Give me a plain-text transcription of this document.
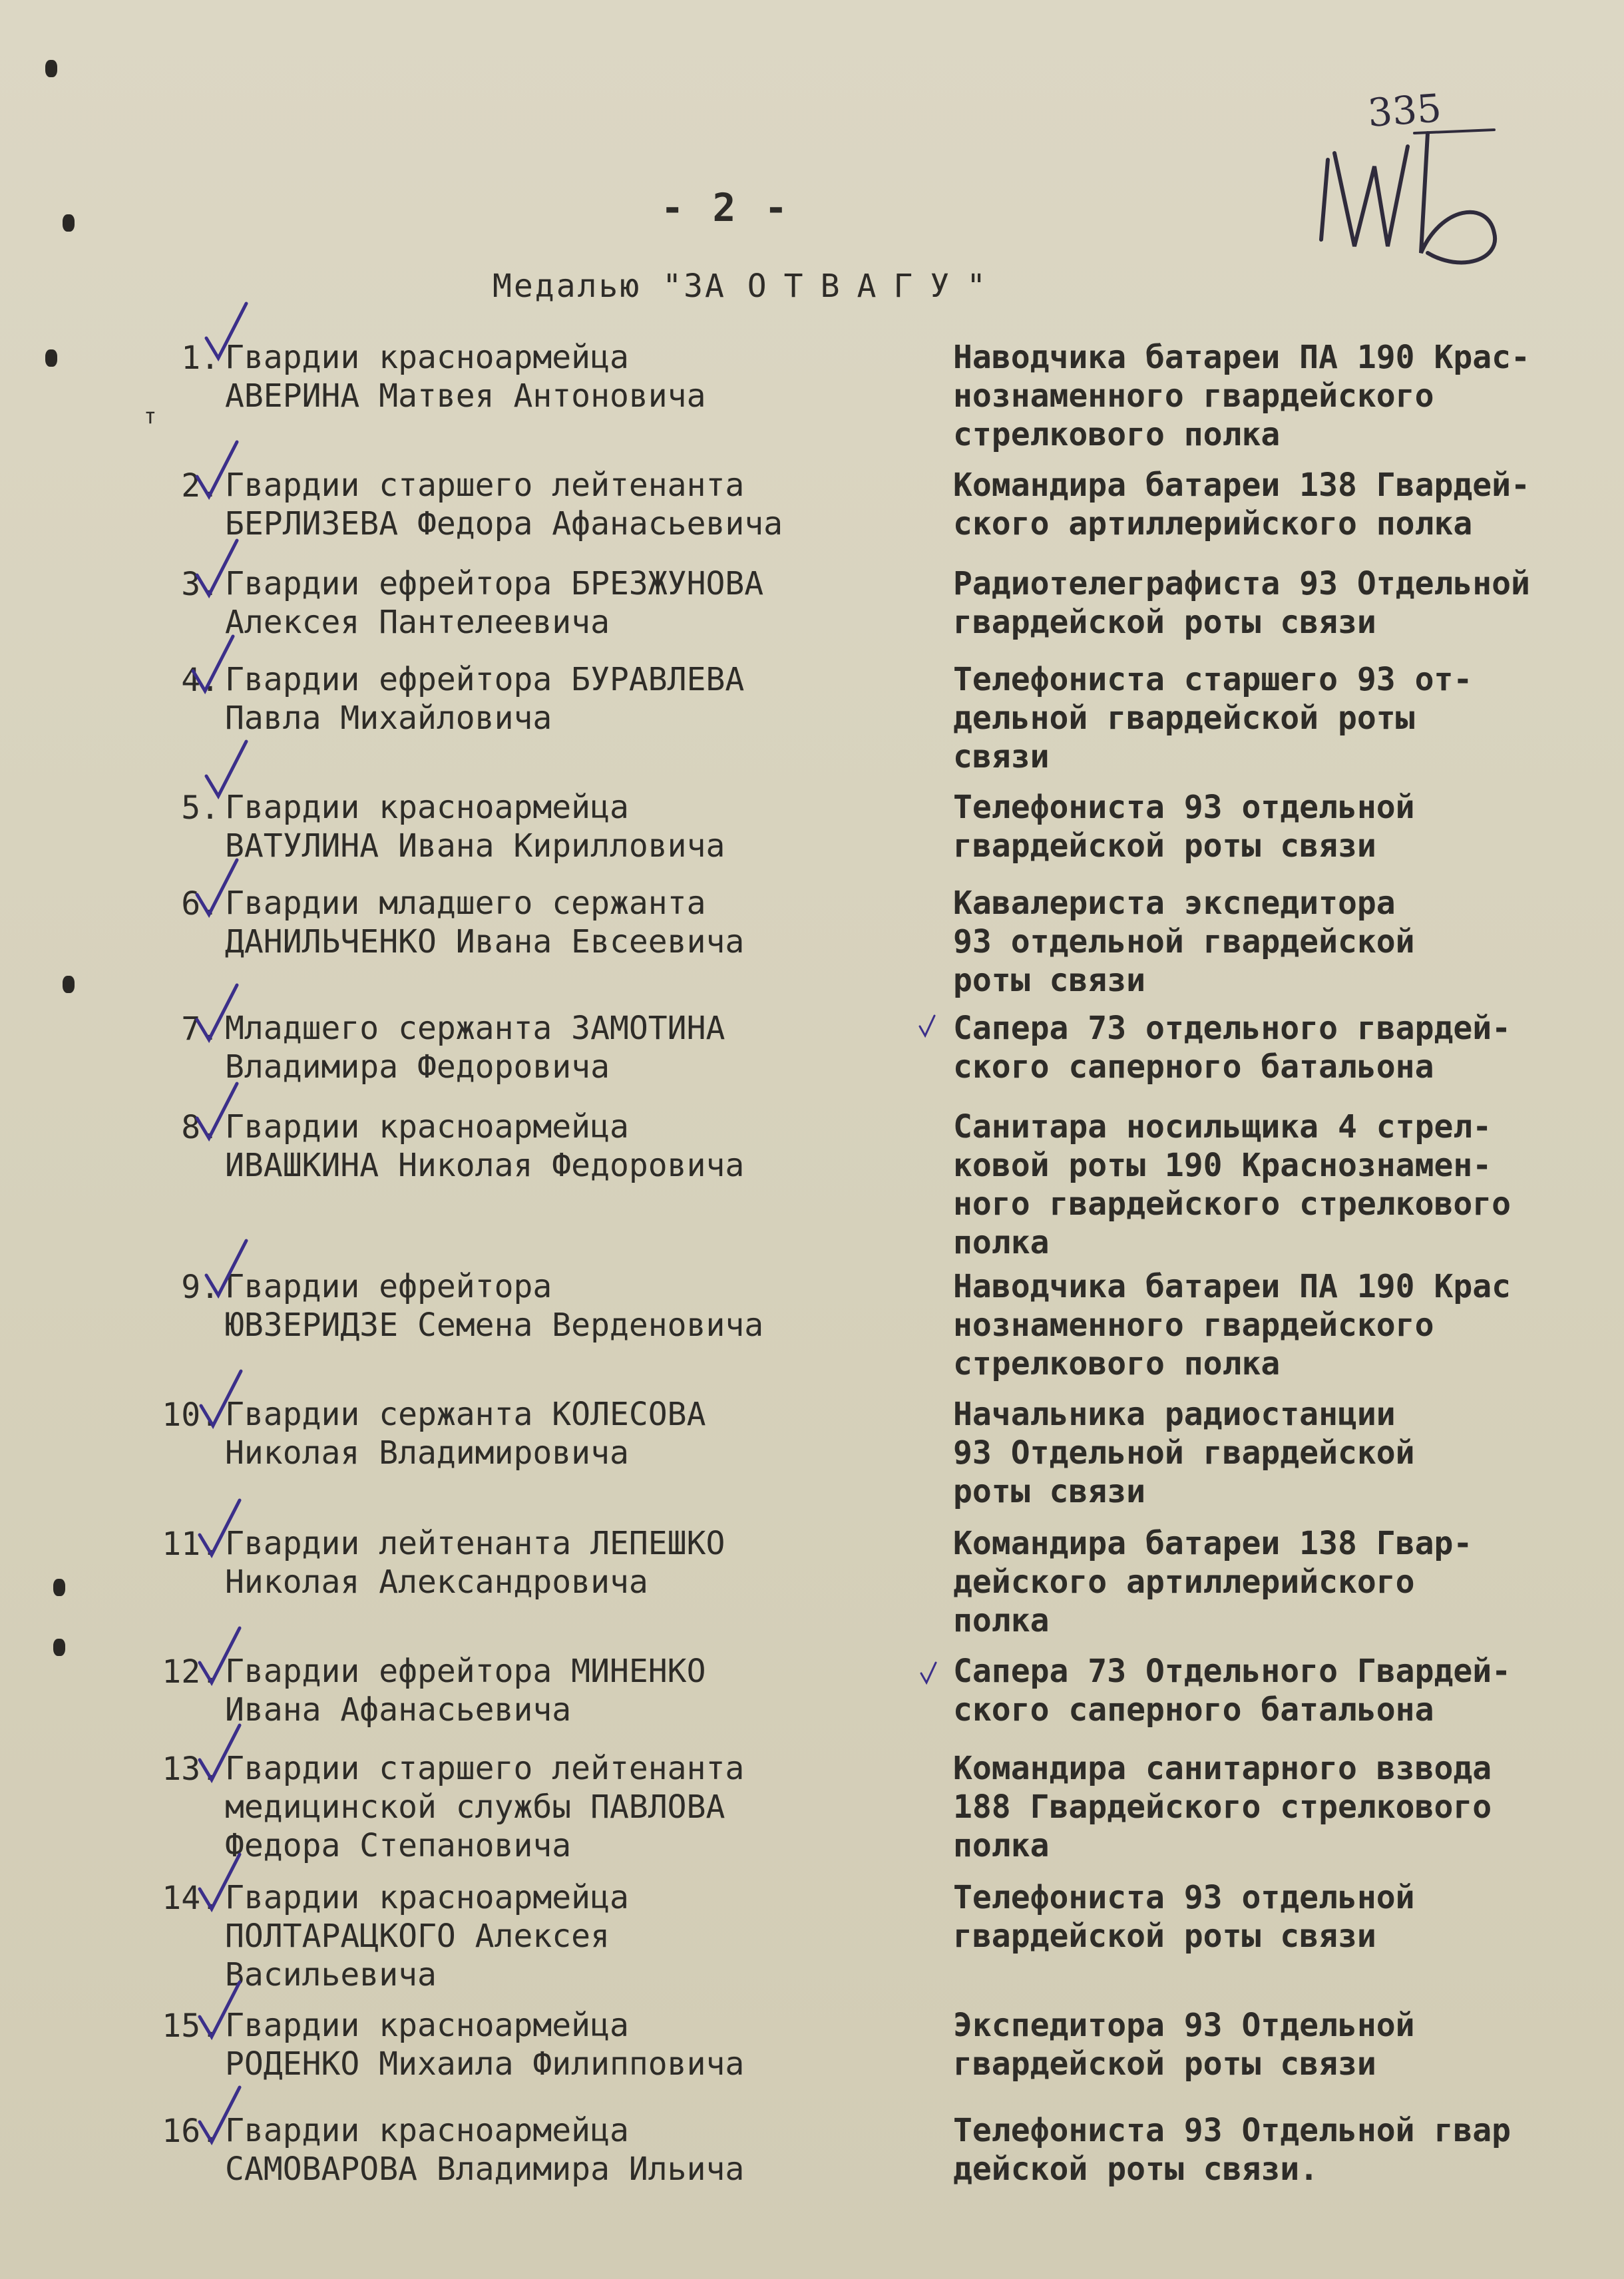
335
- 2 -
Медалью "ЗА ОТВАГУ"
т
1. Гвардии красноармейца
АВЕРИНА Матвея Антоновича
Наводчика батареи ПА 190 Крас-
нознаменного гвардейского
стрелкового полка
2. Гвардии старшего лейтенанта
БЕРЛИЗЕВА Федора Афанасьевича
Командира батареи 138 Гвардей-
ского артиллерийского полка
3. Гвардии ефрейтора БРЕЗЖУНОВА
Алексея Пантелеевича
Радиотелеграфиста 93 Отдельной
гвардейской роты связи
4. Гвардии ефрейтора БУРАВЛЕВА
Павла Михайловича
Телефониста старшего 93 от-
дельной гвардейской роты
связи
5. Гвардии красноармейца
ВАТУЛИНА Ивана Кирилловича
Телефониста 93 отдельной
гвардейской роты связи
6. Гвардии младшего сержанта
ДАНИЛЬЧЕНКО Ивана Евсеевича
Кавалериста экспедитора
93 отдельной гвардейской
роты связи
7. Младшего сержанта ЗАМОТИНА
Владимира Федоровича
Сапера 73 отдельного гвардей-
ского саперного батальона
8. Гвардии красноармейца
ИВАШКИНА Николая Федоровича
Санитара носильщика 4 стрел-
ковой роты 190 Краснознамен-
ного гвардейского стрелкового
полка
9. Гвардии ефрейтора
ЮВЗЕРИДЗЕ Семена Верденовича
Наводчика батареи ПА 190 Крас
нознаменного гвардейского
стрелкового полка
10. Гвардии сержанта КОЛЕСОВА
Николая Владимировича
Начальника радиостанции
93 Отдельной гвардейской
роты связи
11. Гвардии лейтенанта ЛЕПЕШКО
Николая Александровича
Командира батареи 138 Гвар-
дейского артиллерийского
полка
12. Гвардии ефрейтора МИНЕНКО
Ивана Афанасьевича
Сапера 73 Отдельного Гвардей-
ского саперного батальона
13. Гвардии старшего лейтенанта
медицинской службы ПАВЛОВА
Федора Степановича
Командира санитарного взвода
188 Гвардейского стрелкового
полка
14. Гвардии красноармейца
ПОЛТАРАЦКОГО Алексея
Васильевича
Телефониста 93 отдельной
гвардейской роты связи
15. Гвардии красноармейца
РОДЕНКО Михаила Филипповича
Экспедитора 93 Отдельной
гвардейской роты связи
16. Гвардии красноармейца
САМОВАРОВА Владимира Ильича
Телефониста 93 Отдельной гвар
дейской роты связи.
